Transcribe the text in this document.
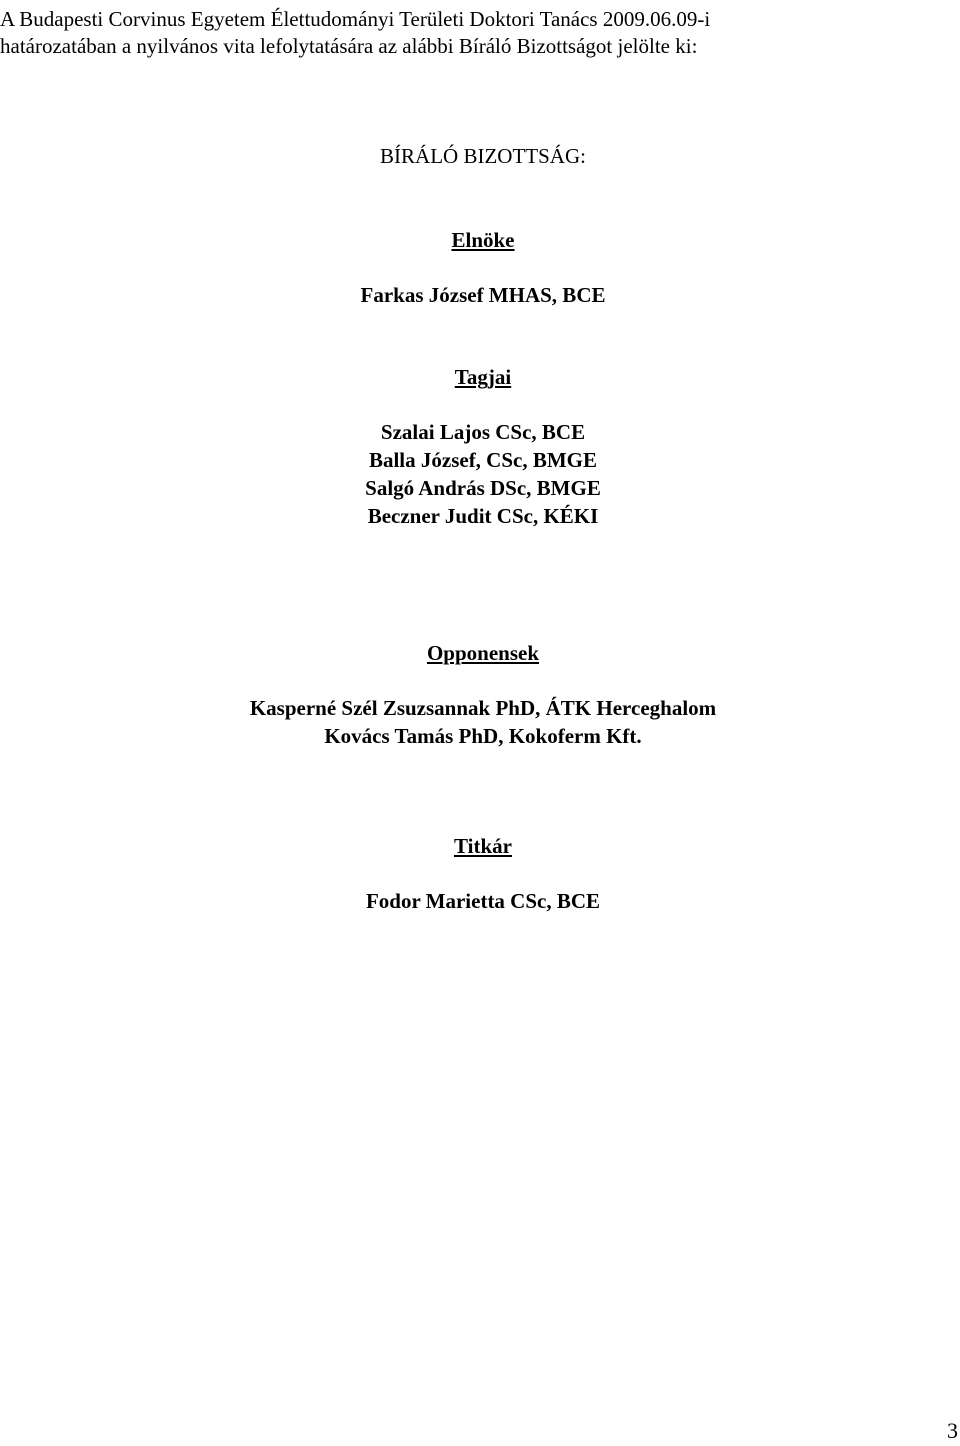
A Budapesti Corvinus Egyetem Élettudományi Területi Doktori Tanács 2009.06.09-i
határozatában a nyilvános vita lefolytatására az alábbi Bíráló Bizottságot jelölte ki:
BÍRÁLÓ BIZOTTSÁG:
Elnöke
Farkas József MHAS, BCE
Tagjai
Szalai Lajos CSc, BCE
Balla József, CSc, BMGE
Salgó András DSc, BMGE
Beczner Judit CSc, KÉKI
Opponensek
Kasperné Szél Zsuzsannak PhD, ÁTK Herceghalom
Kovács Tamás PhD, Kokoferm Kft.
Titkár
Fodor Marietta CSc, BCE
3
